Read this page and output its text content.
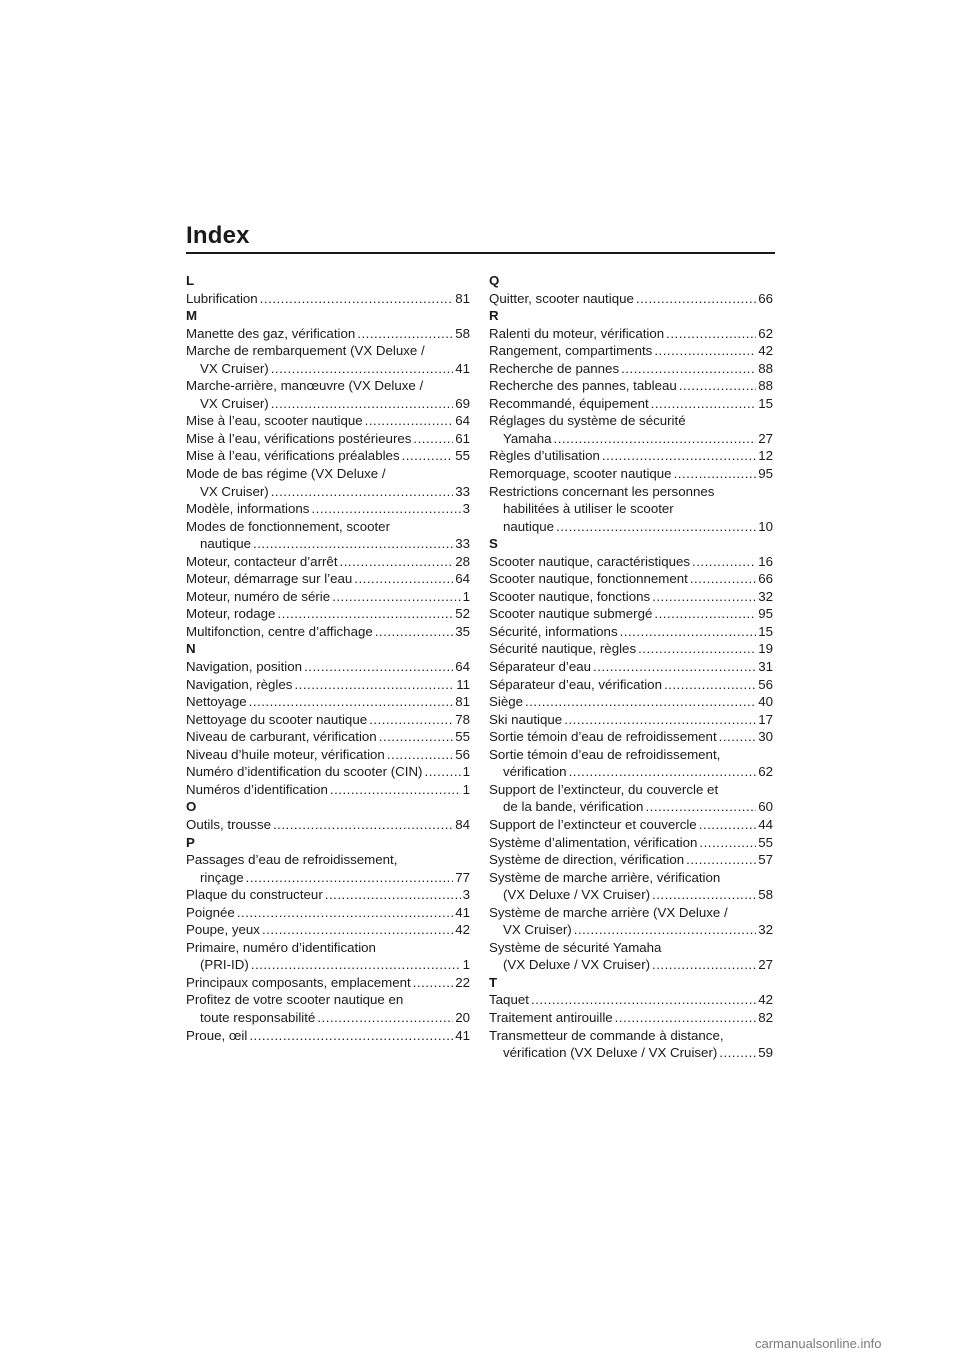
Index
L
Lubrification . . .	81
M
Manette des gaz, vérification . . .	58
Marche de rembarquement (VX Deluxe /
VX Cruiser) . . .	41
Marche-arrière, manœuvre (VX Deluxe /
VX Cruiser) . . .	69
Mise à l’eau, scooter nautique . . .	64
Mise à l’eau, vérifications postérieures . . .	61
Mise à l’eau, vérifications préalables . . .	55
Mode de bas régime (VX Deluxe /
VX Cruiser) . . .	33
Modèle, informations . . .	3
Modes de fonctionnement, scooter
nautique . . .	33
Moteur, contacteur d’arrêt . . .	28
Moteur, démarrage sur l’eau . . .	64
Moteur, numéro de série . . .	1
Moteur, rodage . . .	52
Multifonction, centre d’affichage . . .	35
N
Navigation, position . . .	64
Navigation, règles . . .	11
Nettoyage . . .	81
Nettoyage du scooter nautique . . .	78
Niveau de carburant, vérification . . .	55
Niveau d’huile moteur, vérification . . .	56
Numéro d’identification du scooter (CIN) . . .	1
Numéros d’identification . . .	1
O
Outils, trousse . . .	84
P
Passages d’eau de refroidissement,
rinçage . . .	77
Plaque du constructeur . . .	3
Poignée . . .	41
Poupe, yeux . . .	42
Primaire, numéro d’identification
(PRI-ID) . . .	1
Principaux composants, emplacement . . .	22
Profitez de votre scooter nautique en
toute responsabilité . . .	20
Proue, œil . . .	41
Q
Quitter, scooter nautique . . .	66
R
Ralenti du moteur, vérification . . .	62
Rangement, compartiments . . .	42
Recherche de pannes . . .	88
Recherche des pannes, tableau . . .	88
Recommandé, équipement . . .	15
Réglages du système de sécurité
Yamaha . . .	27
Règles d’utilisation . . .	12
Remorquage, scooter nautique . . .	95
Restrictions concernant les personnes
habilitées à utiliser le scooter
nautique . . .	10
S
Scooter nautique, caractéristiques . . .	16
Scooter nautique, fonctionnement . . .	66
Scooter nautique, fonctions . . .	32
Scooter nautique submergé . . .	95
Sécurité, informations . . .	15
Sécurité nautique, règles . . .	19
Séparateur d’eau . . .	31
Séparateur d’eau, vérification . . .	56
Siège . . .	40
Ski nautique . . .	17
Sortie témoin d’eau de refroidissement . . .	30
Sortie témoin d’eau de refroidissement,
vérification . . .	62
Support de l’extincteur, du couvercle et
de la bande, vérification . . .	60
Support de l’extincteur et couvercle . . .	44
Système d’alimentation, vérification . . .	55
Système de direction, vérification . . .	57
Système de marche arrière, vérification
(VX Deluxe / VX Cruiser) . . .	58
Système de marche arrière (VX Deluxe /
VX Cruiser) . . .	32
Système de sécurité Yamaha
(VX Deluxe / VX Cruiser) . . .	27
T
Taquet . . .	42
Traitement antirouille . . .	82
Transmetteur de commande à distance,
vérification (VX Deluxe / VX Cruiser) . . .	59
carmanualsonline.info
